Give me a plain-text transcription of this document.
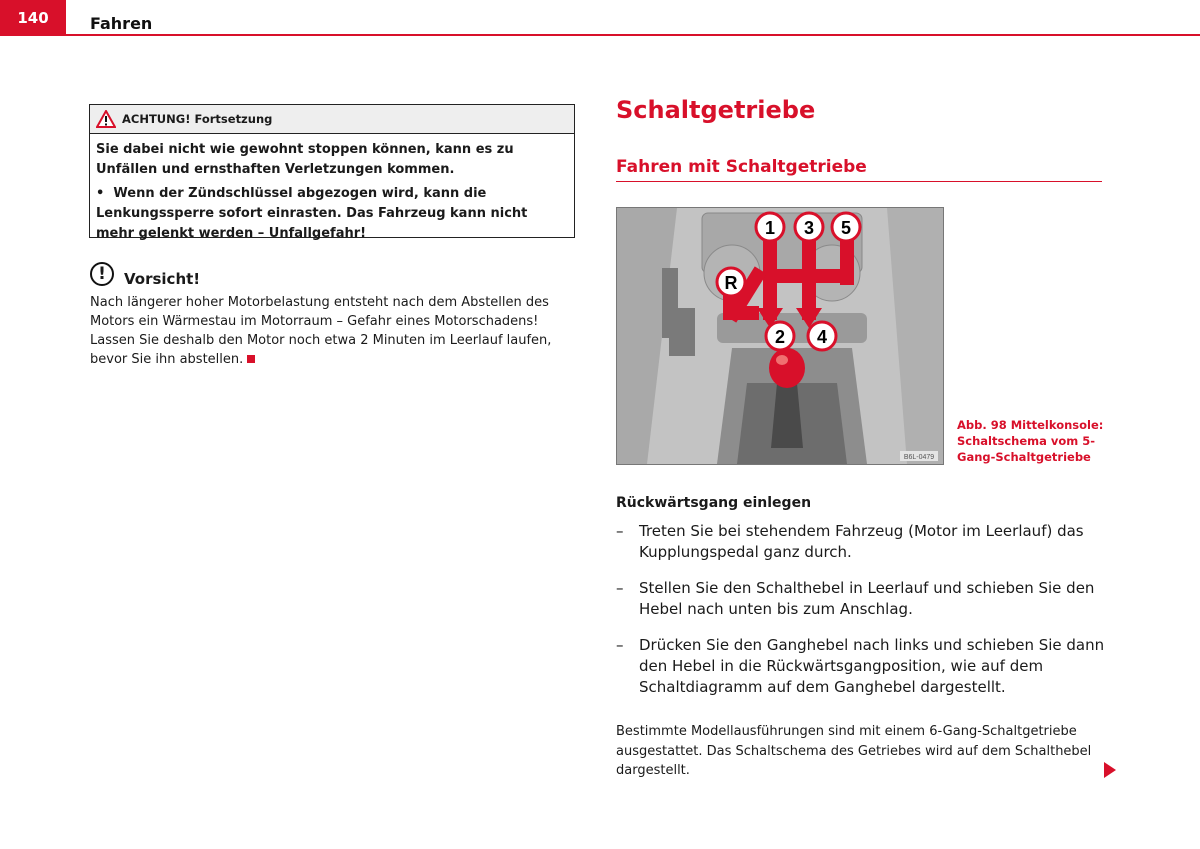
140	Fahren
ACHTUNG! Fortsetzung

Sie dabei nicht wie gewohnt stoppen können, kann es zu Unfällen und ernsthaften Verletzungen kommen.

• Wenn der Zündschlüssel abgezogen wird, kann die Lenkungssperre sofort einrasten. Das Fahrzeug kann nicht mehr gelenkt werden – Unfallgefahr!

!	Vorsicht!
Nach längerer hoher Motorbelastung entsteht nach dem Abstellen des Motors ein Wärmestau im Motorraum – Gefahr eines Motorschadens! Lassen Sie deshalb den Motor noch etwa 2 Minuten im Leerlauf laufen, bevor Sie ihn abstellen.
Schaltgetriebe
Fahren mit Schaltgetriebe
1 3 5
R
2 4
B6L-0479
Abb. 98 Mittelkonsole: Schaltschema vom 5-Gang-Schaltgetriebe
Rückwärtsgang einlegen
–	Treten Sie bei stehendem Fahrzeug (Motor im Leerlauf) das Kupplungspedal ganz durch.
–	Stellen Sie den Schalthebel in Leerlauf und schieben Sie den Hebel nach unten bis zum Anschlag.
–	Drücken Sie den Ganghebel nach links und schieben Sie dann den Hebel in die Rückwärtsgangposition, wie auf dem Schaltdiagramm auf dem Ganghebel dargestellt.
Bestimmte Modellausführungen sind mit einem 6-Gang-Schaltgetriebe ausgestattet. Das Schaltschema des Getriebes wird auf dem Schalthebel dargestellt.
